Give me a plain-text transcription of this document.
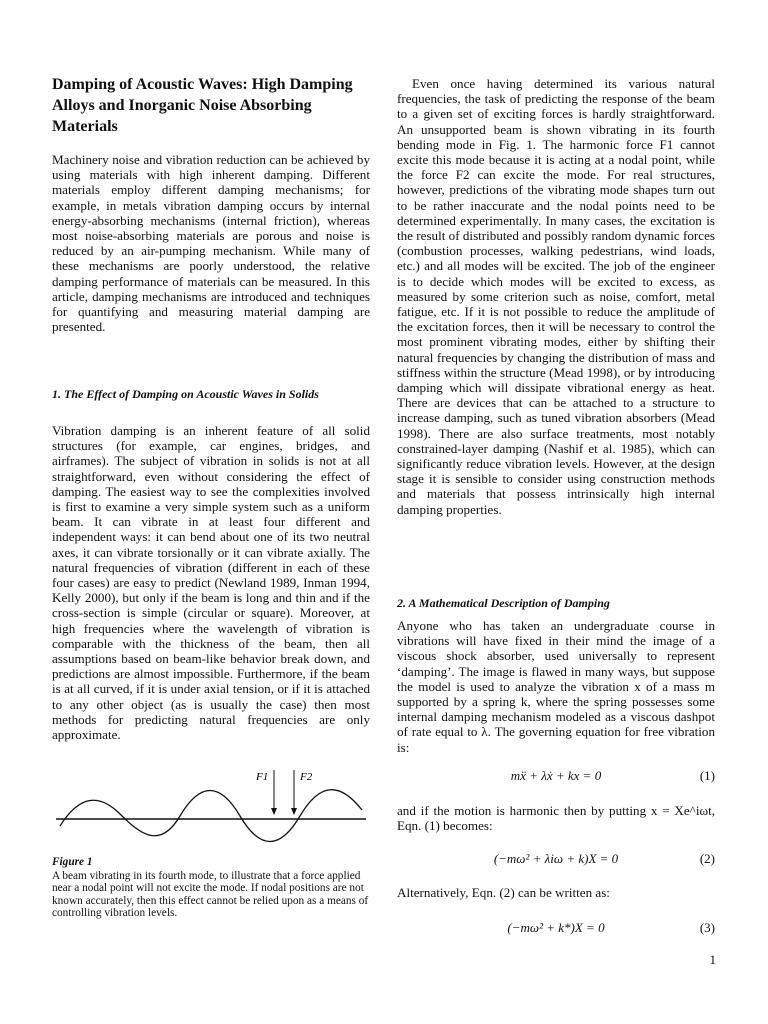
Damping of Acoustic Waves: High Damping Alloys and Inorganic Noise Absorbing Materials

Machinery noise and vibration reduction can be achieved by using materials with high inherent damping. Different materials employ different damping mechanisms; for example, in metals vibration damping occurs by internal energy-absorbing mechanisms (internal friction), whereas most noise-absorbing materials are porous and noise is reduced by an air-pumping mechanism. While many of these mechanisms are poorly understood, the relative damping performance of materials can be measured. In this article, damping mechanisms are introduced and techniques for quantifying and measuring material damping are presented.

1. The Effect of Damping on Acoustic Waves in Solids

Vibration damping is an inherent feature of all solid structures (for example, car engines, bridges, and airframes). The subject of vibration in solids is not at all straightforward, even without considering the effect of damping. The easiest way to see the complexities involved is first to examine a very simple system such as a uniform beam. It can vibrate in at least four different and independent ways: it can bend about one of its two neutral axes, it can vibrate torsionally or it can vibrate axially. The natural frequencies of vibration (different in each of these four cases) are easy to predict (Newland 1989, Inman 1994, Kelly 2000), but only if the beam is long and thin and if the cross-section is simple (circular or square). Moreover, at high frequencies where the wavelength of vibration is comparable with the thickness of the beam, then all assumptions based on beam-like behavior break down, and predictions are almost impossible. Furthermore, if the beam is at all curved, if it is under axial tension, or if it is attached to any other object (as is usually the case) then most methods for predicting natural frequencies are only approximate.

F1	F2

Figure 1

A beam vibrating in its fourth mode, to illustrate that a force applied near a nodal point will not excite the mode. If nodal positions are not known accurately, then this effect cannot be relied upon as a means of controlling vibration levels.

Even once having determined its various natural frequencies, the task of predicting the response of the beam to a given set of exciting forces is hardly straightforward. An unsupported beam is shown vibrating in its fourth bending mode in Fig. 1. The harmonic force F1 cannot excite this mode because it is acting at a nodal point, while the force F2 can excite the mode. For real structures, however, predictions of the vibrating mode shapes turn out to be rather inaccurate and the nodal points need to be determined experimentally. In many cases, the excitation is the result of distributed and possibly random dynamic forces (combustion processes, walking pedestrians, wind loads, etc.) and all modes will be excited. The job of the engineer is to decide which modes will be excited to excess, as measured by some criterion such as noise, comfort, metal fatigue, etc. If it is not possible to reduce the amplitude of the excitation forces, then it will be necessary to control the most prominent vibrating modes, either by shifting their natural frequencies by changing the distribution of mass and stiffness within the structure (Mead 1998), or by introducing damping which will dissipate vibrational energy as heat. There are devices that can be attached to a structure to increase damping, such as tuned vibration absorbers (Mead 1998). There are also surface treatments, most notably constrained-layer damping (Nashif et al. 1985), which can significantly reduce vibration levels. However, at the design stage it is sensible to consider using construction methods and materials that possess intrinsically high internal damping properties.

2. A Mathematical Description of Damping

Anyone who has taken an undergraduate course in vibrations will have fixed in their mind the image of a viscous shock absorber, used universally to represent ‘damping’. The image is flawed in many ways, but suppose the model is used to analyze the vibration x of a mass m supported by a spring k, where the spring possesses some internal damping mechanism modeled as a viscous dashpot of rate equal to λ. The governing equation for free vibration is:

mẍ + λẋ + kx = 0	(1)

and if the motion is harmonic then by putting x = Xe^iωt, Eqn. (1) becomes:

(−mω² + λiω + k)X = 0	(2)

Alternatively, Eqn. (2) can be written as:

(−mω² + k*)X = 0	(3)
1
